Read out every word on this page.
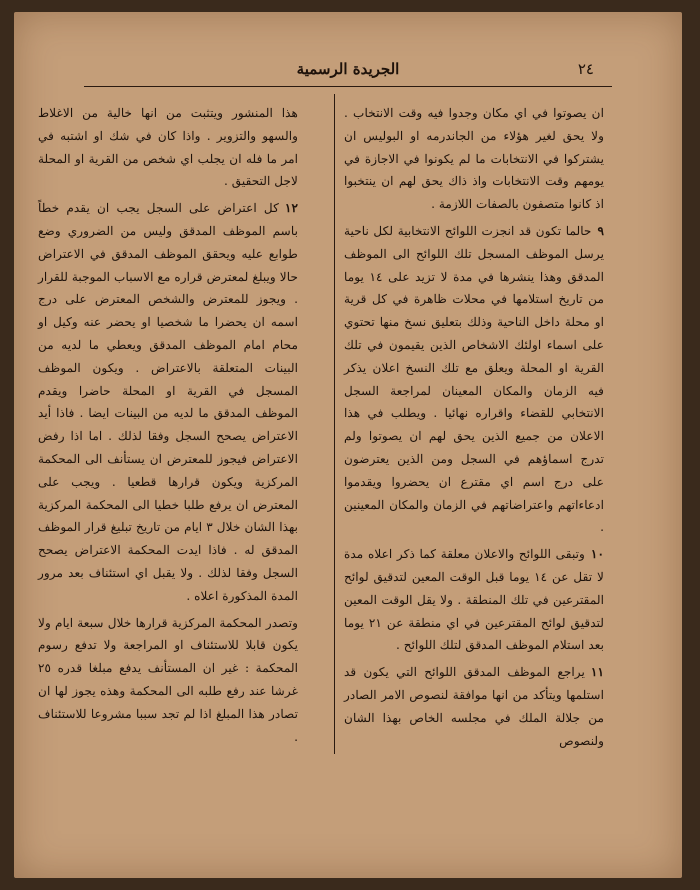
٢٤
الجريدة الرسمية

ان يصوتوا في اي مكان وجدوا فيه وقت الانتخاب . ولا يحق لغير هؤلاء من الجاندرمه او البوليس ان يشتركوا في الانتخابات ما لم يكونوا في الاجازة في يومهم وقت الانتخابات واذ ذاك يحق لهم ان ينتخبوا اذ كانوا متصفون بالصفات اللازمة .

٩حالما تكون قد انجزت اللوائح الانتخابية لكل ناحية يرسل الموظف المسجل تلك اللوائح الى الموظف المدقق وهذا ينشرها في مدة لا تزيد على ١٤ يوما من تاريخ استلامها في محلات ظاهرة في كل قرية او محلة داخل الناحية وذلك بتعليق نسخ منها تحتوي على اسماء اولئك الاشخاص الذين يقيمون في تلك القرية او المحلة ويعلق مع تلك النسخ اعلان يذكر فيه الزمان والمكان المعينان لمراجعة السجل الانتخابي للقضاء واقراره نهائيا . ويطلب في هذا الاعلان من جميع الذين يحق لهم ان يصوتوا ولم تدرج اسماؤهم في السجل ومن الذين يعترضون على درج اسم اي مقترع ان يحضروا ويقدموا ادعاءاتهم واعتراضاتهم في الزمان والمكان المعينين .

١٠وتبقى اللوائح والاعلان معلقة كما ذكر اعلاه مدة لا تقل عن ١٤ يوما قبل الوقت المعين لتدقيق لوائح المقترعين في تلك المنطقة . ولا يقل الوقت المعين لتدقيق لوائح المقترعين في اي منطقة عن ٢١ يوما بعد استلام الموظف المدقق لتلك اللوائح .

١١يراجع الموظف المدقق اللوائح التي يكون قد استلمها ويتأكد من انها موافقة لنصوص الامر الصادر من جلالة الملك في مجلسه الخاص بهذا الشان ولنصوص

هذا المنشور ويتثبت من انها خالية من الاغلاط والسهو والتزوير . واذا كان في شك او اشتبه في امر ما فله ان يجلب اي شخص من القرية او المحلة لاجل التحقيق .

١٢كل اعتراض على السجل يجب ان يقدم خطاً باسم الموظف المدقق وليس من الضروري وضع طوابع عليه ويحقق الموظف المدقق في الاعتراض حالا ويبلغ لمعترض قراره مع الاسباب الموجبة للقرار . ويجوز للمعترض والشخص المعترض على درج اسمه ان يحضرا ما شخصيا او يحضر عنه وكيل او محام امام الموظف المدقق ويعطي ما لديه من البينات المتعلقة بالاعتراض . ويكون الموظف المسجل في القرية او المحلة حاضرا ويقدم الموظف المدقق ما لديه من البينات ايضا . فاذا أيد الاعتراض يصحح السجل وفقا لذلك . اما اذا رفض الاعتراض فيجوز للمعترض ان يستأنف الى المحكمة المركزية ويكون قرارها قطعيا . ويجب على المعترض ان يرفع طلبا خطيا الى المحكمة المركزية بهذا الشان خلال ٣ ايام من تاريخ تبليغ قرار الموظف المدقق له . فاذا ايدت المحكمة الاعتراض يصحح السجل وفقا لذلك . ولا يقبل اي استئناف بعد مرور المدة المذكورة اعلاه .

وتصدر المحكمة المركزية قرارها خلال سبعة ايام ولا يكون قابلا للاستئناف او المراجعة ولا تدفع رسوم المحكمة : غير ان المستأنف يدفع مبلغا قدره ٢٥ غرشا عند رفع طلبه الى المحكمة وهذه يجوز لها ان تصادر هذا المبلغ اذا لم تجد سببا مشروعا للاستئناف .
